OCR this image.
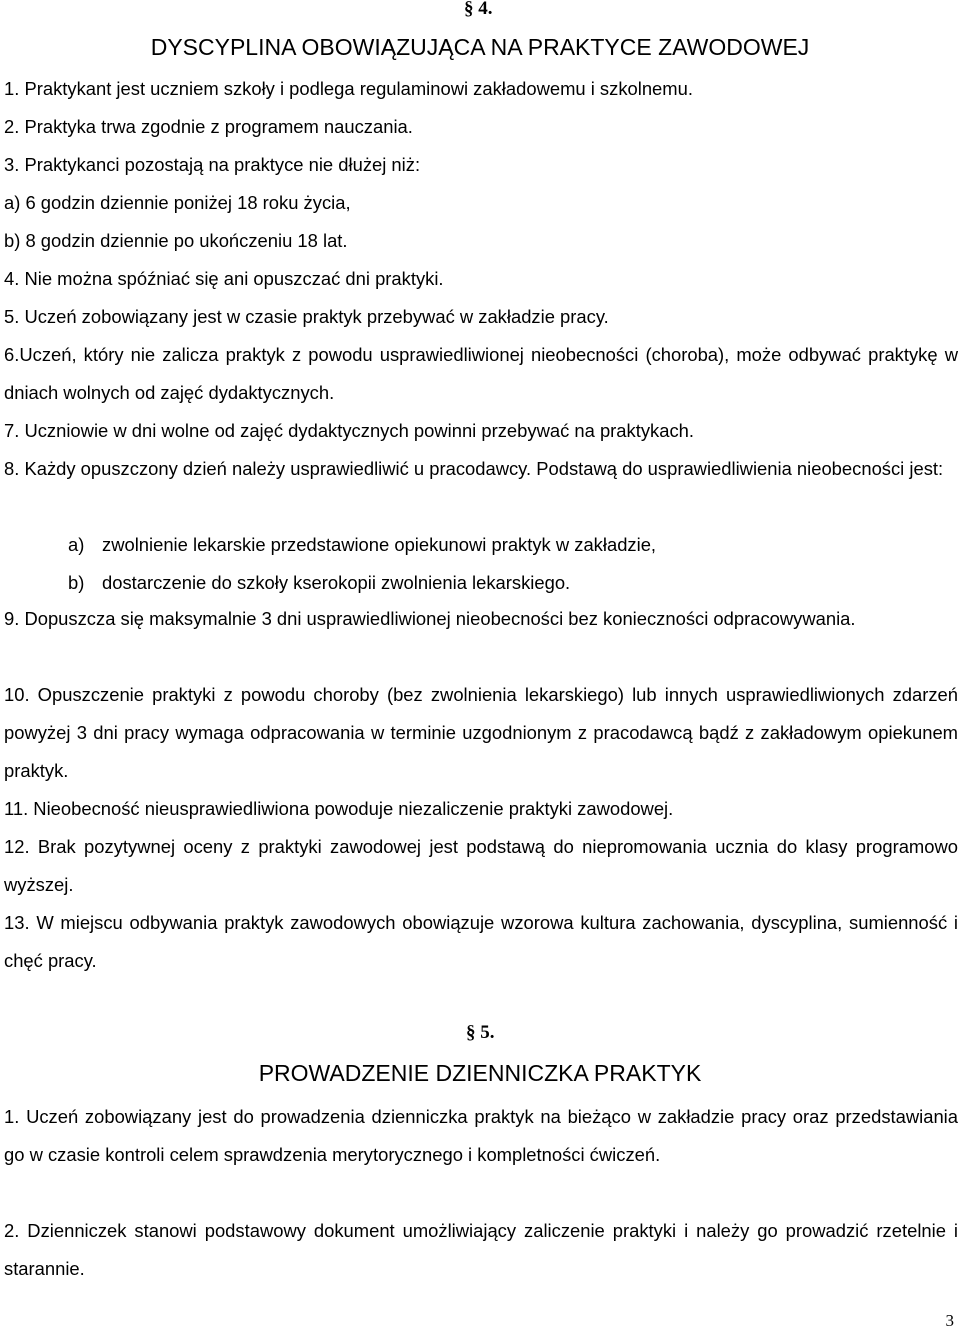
§ 4.
DYSCYPLINA OBOWIĄZUJĄCA NA PRAKTYCE ZAWODOWEJ

1. Praktykant jest uczniem szkoły i podlega regulaminowi zakładowemu i szkolnemu.

2. Praktyka trwa zgodnie z programem nauczania.

3. Praktykanci pozostają na praktyce nie dłużej niż:

a) 6 godzin dziennie poniżej 18 roku życia,

b) 8 godzin dziennie po ukończeniu 18 lat.

4. Nie można spóźniać się ani opuszczać dni praktyki.

5. Uczeń zobowiązany jest w czasie praktyk przebywać w zakładzie pracy.

6.Uczeń, który nie zalicza praktyk z powodu usprawiedliwionej nieobecności (choroba), może odbywać praktykę w dniach wolnych od zajęć dydaktycznych.

7. Uczniowie w dni wolne od zajęć dydaktycznych powinni przebywać na praktykach.

8. Każdy opuszczony dzień należy usprawiedliwić u pracodawcy. Podstawą do usprawiedliwienia nieobecności jest:

a) zwolnienie lekarskie przedstawione opiekunowi praktyk w zakładzie,

b) dostarczenie do szkoły kserokopii zwolnienia lekarskiego.

9. Dopuszcza się maksymalnie 3 dni usprawiedliwionej nieobecności bez konieczności odpracowywania.

10. Opuszczenie praktyki z powodu choroby (bez zwolnienia lekarskiego) lub innych usprawiedliwionych zdarzeń powyżej 3 dni pracy wymaga odpracowania w terminie uzgodnionym z pracodawcą bądź z zakładowym opiekunem praktyk.

11. Nieobecność nieusprawiedliwiona powoduje niezaliczenie praktyki zawodowej.

12. Brak pozytywnej oceny z praktyki zawodowej jest podstawą do niepromowania ucznia do klasy programowo wyższej.

13. W miejscu odbywania praktyk zawodowych obowiązuje wzorowa kultura zachowania, dyscyplina, sumienność i chęć pracy.

§ 5.
PROWADZENIE DZIENNICZKA PRAKTYK

1. Uczeń zobowiązany jest do prowadzenia dzienniczka praktyk na bieżąco w zakładzie pracy oraz przedstawiania go w czasie kontroli celem sprawdzenia merytorycznego i kompletności ćwiczeń.

2. Dzienniczek stanowi podstawowy dokument umożliwiający zaliczenie praktyki i należy go prowadzić rzetelnie i starannie.

3
